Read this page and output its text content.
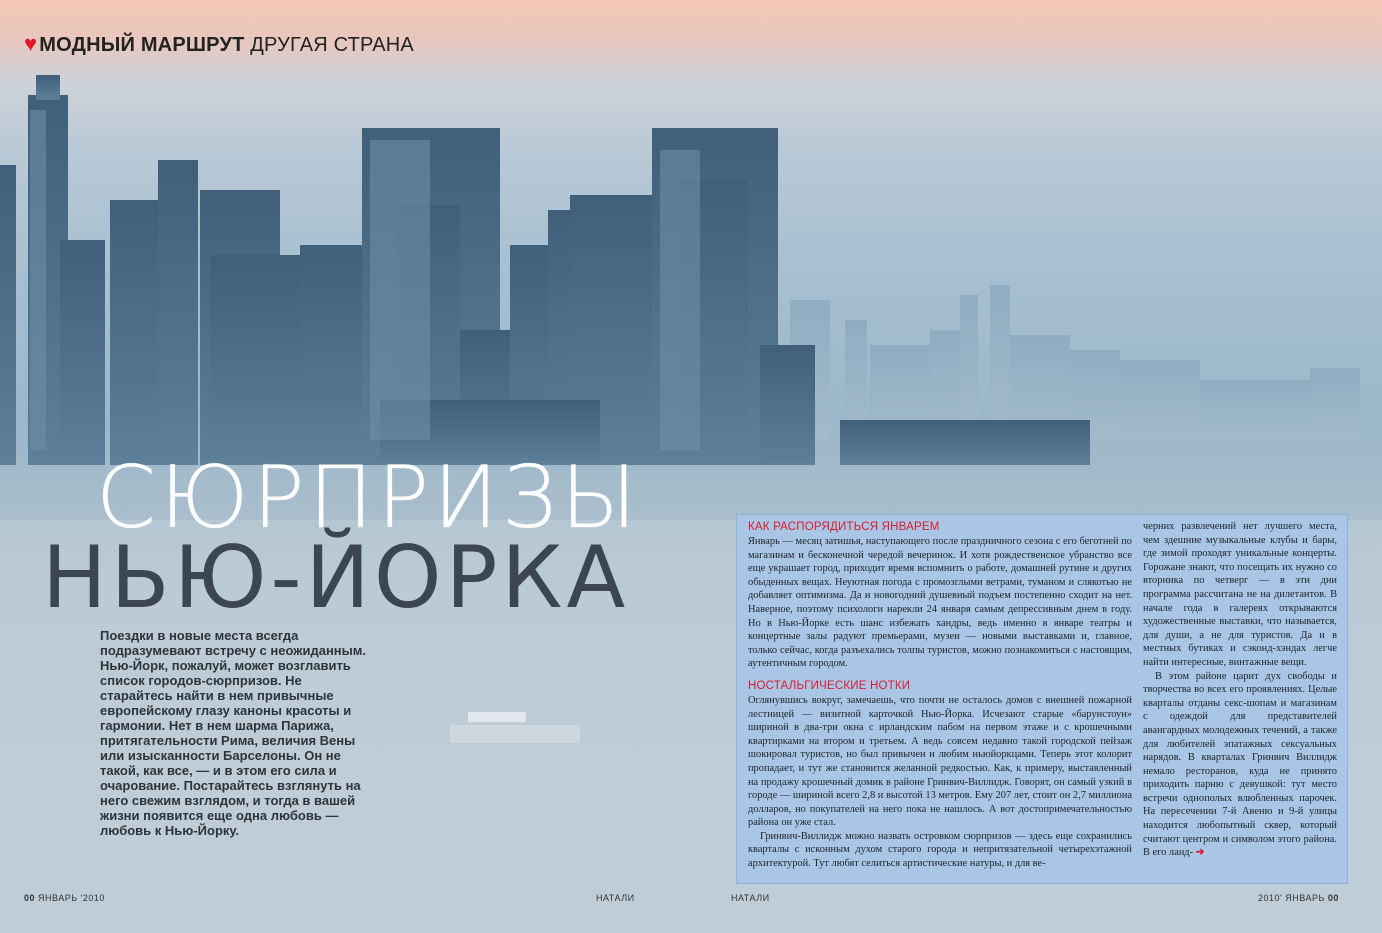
♥ МОДНЫЙ МАРШРУТ ДРУГАЯ СТРАНА
СЮРПРИЗЫ
НЬЮ-ЙОРКА
Поездки в новые места всегда подразумевают встречу с неожиданным. Нью-Йорк, пожалуй, может возглавить список городов-сюрпризов. Не старайтесь найти в нем привычные европейскому глазу каноны красоты и гармонии. Нет в нем шарма Парижа, притягательности Рима, величия Вены или изысканности Барселоны. Он не такой, как все, — и в этом его сила и очарование. Постарайтесь взглянуть на него свежим взглядом, и тогда в вашей жизни появится еще одна любовь — любовь к Нью-Йорку.
КАК РАСПОРЯДИТЬСЯ ЯНВАРЕМ

Январь — месяц затишья, наступающего после праздничного сезона с его беготней по магазинам и бесконечной чередой вечеринок. И хотя рождественское убранство все еще украшает город, приходит время вспомнить о работе, домашней рутине и других обыденных вещах. Неуютная погода с промозглыми ветрами, туманом и слякотью не добавляет оптимизма. Да и новогодний душевный подъем постепенно сходит на нет. Наверное, поэтому психологи нарекли 24 января самым депрессивным днем в году. Но в Нью-Йорке есть шанс избежать хандры, ведь именно в январе театры и концертные залы радуют премьерами, музеи — новыми выставками и, главное, только сейчас, когда разъехались толпы туристов, можно познакомиться с настоящим, аутентичным городом.

НОСТАЛЬГИЧЕСКИЕ НОТКИ

Оглянувшись вокруг, замечаешь, что почти не осталось домов с внешней пожарной лестницей — визитной карточкой Нью-Йорка. Исчезают старые «барунстоун» шириной в два-три окна с ирландским пабом на первом этаже и с крошечными квартирками на втором и третьем. А ведь совсем недавно такой городской пейзаж шокировал туристов, но был привычен и любим ньюйоркцами. Теперь этот колорит пропадает, и тут же становится желанной редкостью. Как, к примеру, выставленный на продажу крошечный домик в районе Гринвич-Виллидж. Говорят, он самый узкий в городе — шириной всего 2,8 и высотой 13 метров. Ему 207 лет, стоит он 2,7 миллиона долларов, но покупателей на него пока не нашлось. А вот достопримечательностью района он уже стал.

Гринвич-Виллидж можно назвать островком сюрпризов — здесь еще сохранились кварталы с исконным духом старого города и непритязательной четырехэтажной архитектурой. Тут любят селиться артистические натуры, и для ве-

черних развлечений нет лучшего места, чем здешние музыкальные клубы и бары, где зимой проходят уникальные концерты. Горожане знают, что посещать их нужно со вторника по четверг — в эти дни программа рассчитана не на дилетантов. В начале года в галереях открываются художественные выставки, что называется, для души, а не для туристов. Да и в местных бутиках и сэконд-хэндах легче найти интересные, винтажные вещи.

В этом районе царит дух свободы и творчества во всех его проявлениях. Целые кварталы отданы секс-шопам и магазинам с одеждой для представителей авангардных молодежных течений, а также для любителей эпатажных сексуальных нарядов. В кварталах Гринвич Виллидж немало ресторанов, куда не принято приходить парню с девушкой: тут место встречи однополых влюбленных парочек. На пересечении 7-й Авеню и 9-й улицы находится любопытный сквер, который считают центром и символом этого района. В его ланд- ➜

00 ЯНВАРЬ '2010	НАТАЛИ	НАТАЛИ	2010' ЯНВАРЬ 00
